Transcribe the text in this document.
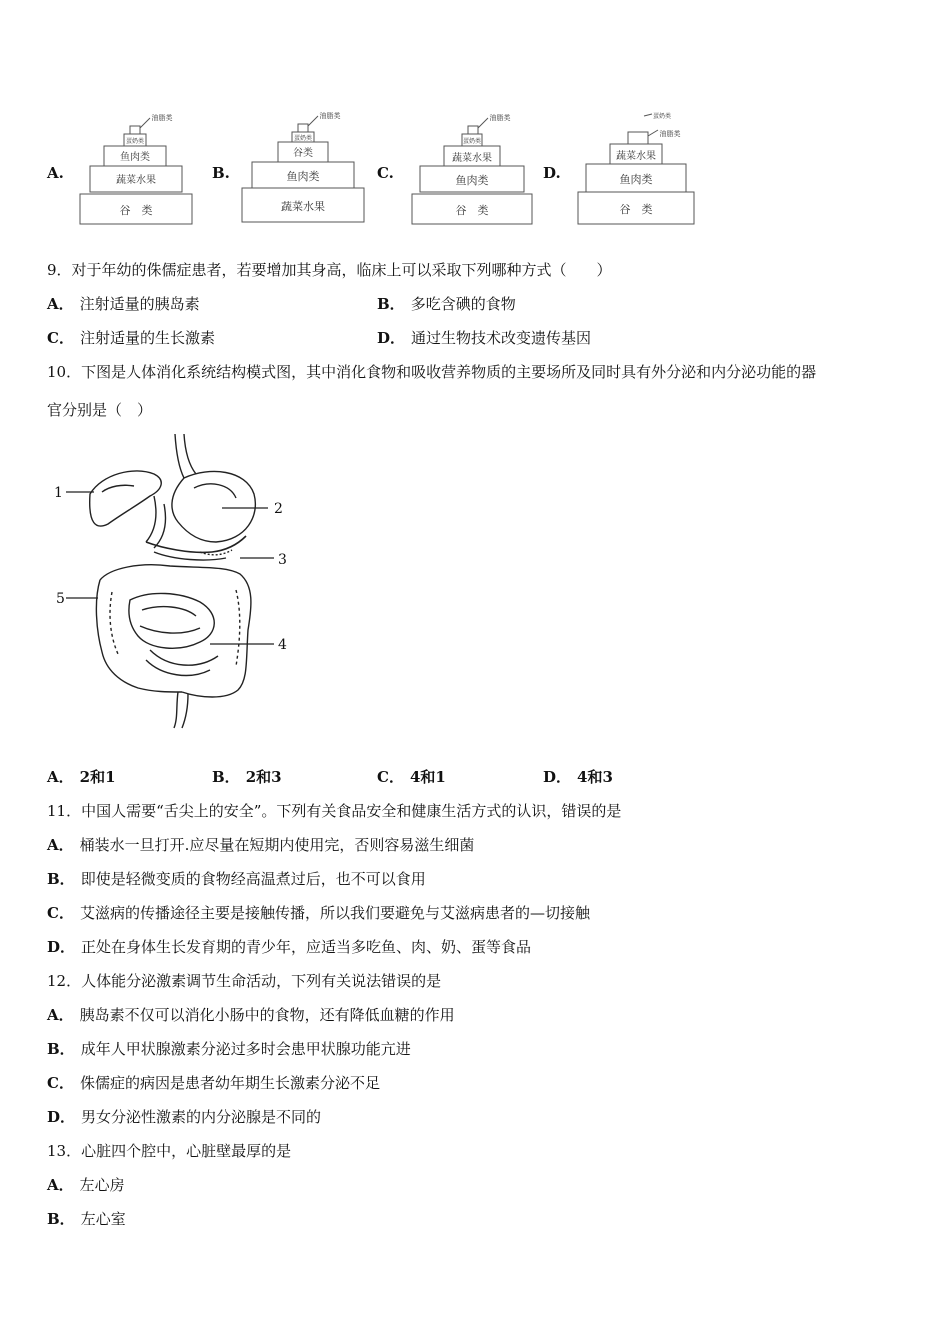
A.
谷　类
蔬菜水果
鱼肉类
蛋奶类
油脂类
B.
蔬菜水果
鱼肉类
谷类
蛋奶类
油脂类
C.
谷　类
鱼肉类
蔬菜水果
蛋奶类
油脂类
D.
谷　类
鱼肉类
蔬菜水果
蛋奶类
油脂类
9．对于年幼的侏儒症患者，若要增加其身高，临床上可以采取下列哪种方式（　　）
A． 注射适量的胰岛素	B． 多吃含碘的食物
C． 注射适量的生长激素	D． 通过生物技术改变遗传基因
10．下图是人体消化系统结构模式图，其中消化食物和吸收营养物质的主要场所及同时具有外分泌和内分泌功能的器
官分别是（　）
1
2
3
4
5
A． 2和1	B． 2和3	C． 4和1	D． 4和3
11．中国人需要“舌尖上的安全”。下列有关食品安全和健康生活方式的认识，错误的是
A． 桶装水一旦打开.应尽量在短期内使用完，否则容易滋生细菌
B． 即使是轻微变质的食物经高温煮过后，也不可以食用
C． 艾滋病的传播途径主要是接触传播，所以我们要避免与艾滋病患者的—切接触
D． 正处在身体生长发育期的青少年，应适当多吃鱼、肉、奶、蛋等食品
12．人体能分泌激素调节生命活动，下列有关说法错误的是
A． 胰岛素不仅可以消化小肠中的食物，还有降低血糖的作用
B． 成年人甲状腺激素分泌过多时会患甲状腺功能亢进
C． 侏儒症的病因是患者幼年期生长激素分泌不足
D． 男女分泌性激素的内分泌腺是不同的
13．心脏四个腔中，心脏壁最厚的是
A． 左心房
B． 左心室
